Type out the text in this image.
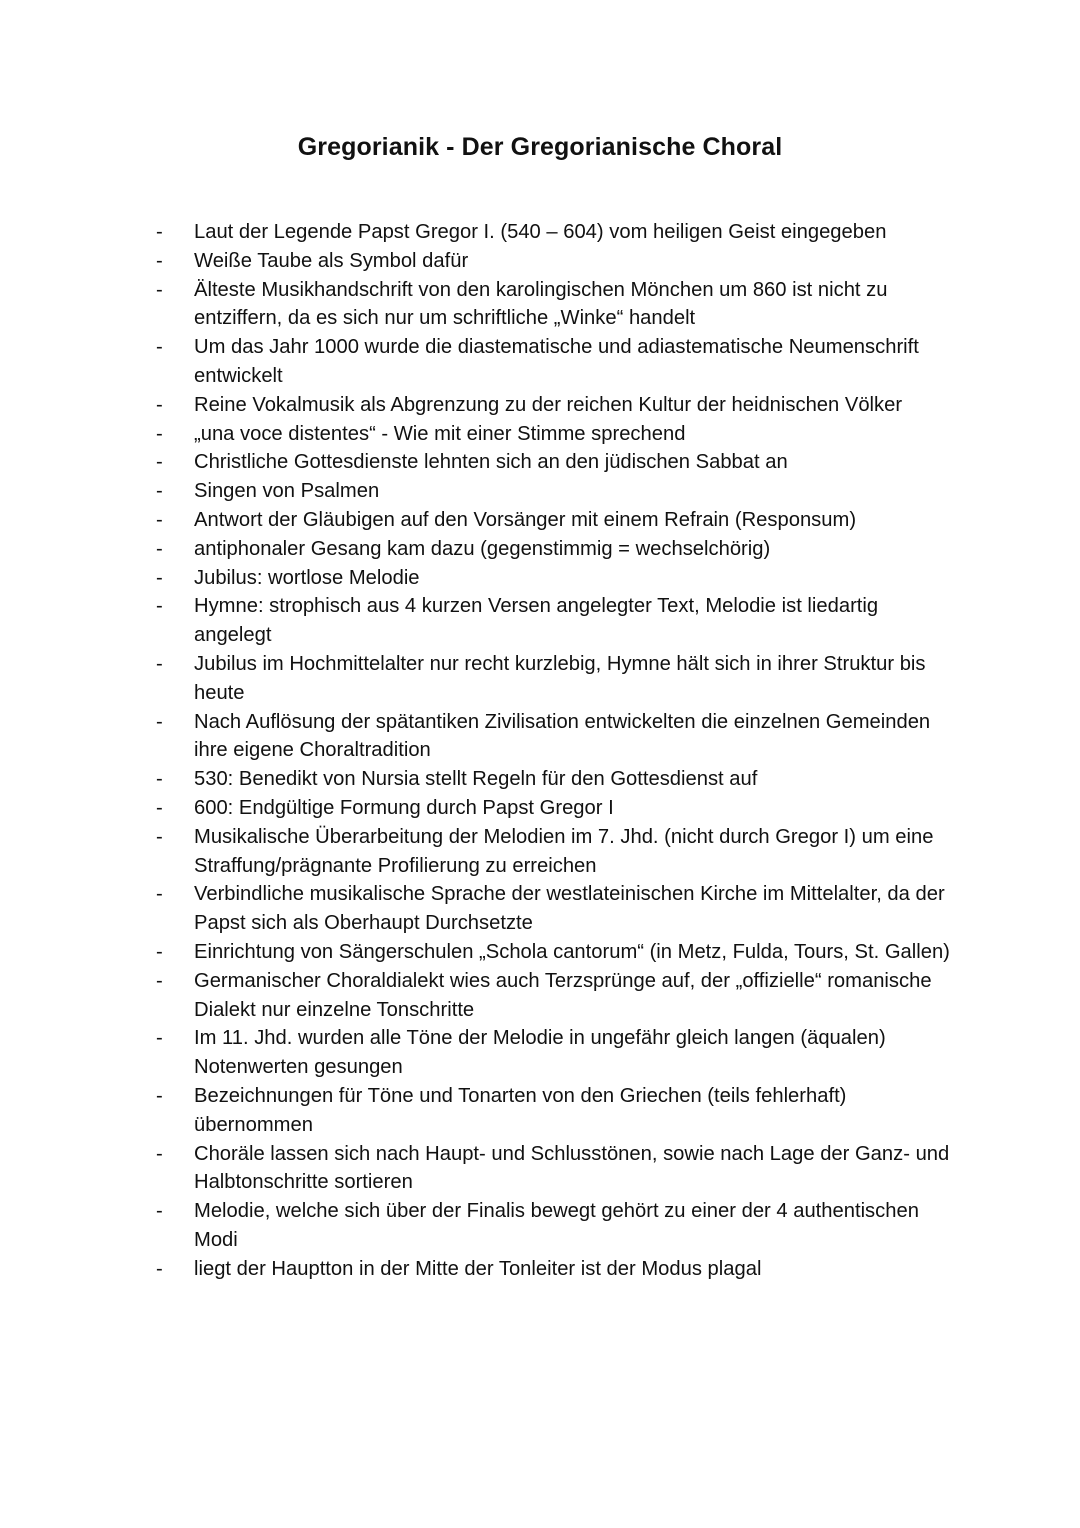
Gregorianik - Der Gregorianische Choral
-	Laut der Legende Papst Gregor I. (540 – 604) vom heiligen Geist eingegeben
-	Weiße Taube als Symbol dafür
-	Älteste Musikhandschrift von den karolingischen Mönchen um 860 ist nicht zu entziffern, da es sich nur um schriftliche „Winke“ handelt
-	Um das Jahr 1000 wurde die diastematische und adiastematische Neumenschrift entwickelt
-	Reine Vokalmusik als Abgrenzung zu der reichen Kultur der heidnischen Völker
-	„una voce distentes“ - Wie mit einer Stimme sprechend
-	Christliche Gottesdienste lehnten sich an den jüdischen Sabbat an
-	Singen von Psalmen
-	Antwort der Gläubigen auf den Vorsänger mit einem Refrain (Responsum)
-	antiphonaler Gesang kam dazu (gegenstimmig = wechselchörig)
-	Jubilus: wortlose Melodie
-	Hymne: strophisch aus 4 kurzen Versen angelegter Text, Melodie ist liedartig angelegt
-	Jubilus im Hochmittelalter nur recht kurzlebig, Hymne hält sich in ihrer Struktur bis heute
-	Nach Auflösung der spätantiken Zivilisation entwickelten die einzelnen Gemeinden ihre eigene Choraltradition
-	530: Benedikt von Nursia stellt Regeln für den Gottesdienst auf
-	600: Endgültige Formung durch Papst Gregor I
-	Musikalische Überarbeitung der Melodien im 7. Jhd. (nicht durch Gregor I) um eine Straffung/prägnante Profilierung zu erreichen
-	Verbindliche musikalische Sprache der westlateinischen Kirche im Mittelalter, da der Papst sich als Oberhaupt Durchsetzte
-	Einrichtung von Sängerschulen „Schola cantorum“ (in Metz, Fulda, Tours, St. Gallen)
-	Germanischer Choraldialekt wies auch Terzsprünge auf, der „offizielle“ romanische Dialekt nur einzelne Tonschritte
-	Im 11. Jhd. wurden alle Töne der Melodie in ungefähr gleich langen (äqualen) Notenwerten gesungen
-	Bezeichnungen für Töne und Tonarten von den Griechen (teils fehlerhaft) übernommen
-	Choräle lassen sich nach Haupt- und Schlusstönen, sowie nach Lage der Ganz- und Halbtonschritte sortieren
-	Melodie, welche sich über der Finalis bewegt gehört zu einer der 4 authentischen Modi
-	liegt der Hauptton in der Mitte der Tonleiter ist der Modus plagal
